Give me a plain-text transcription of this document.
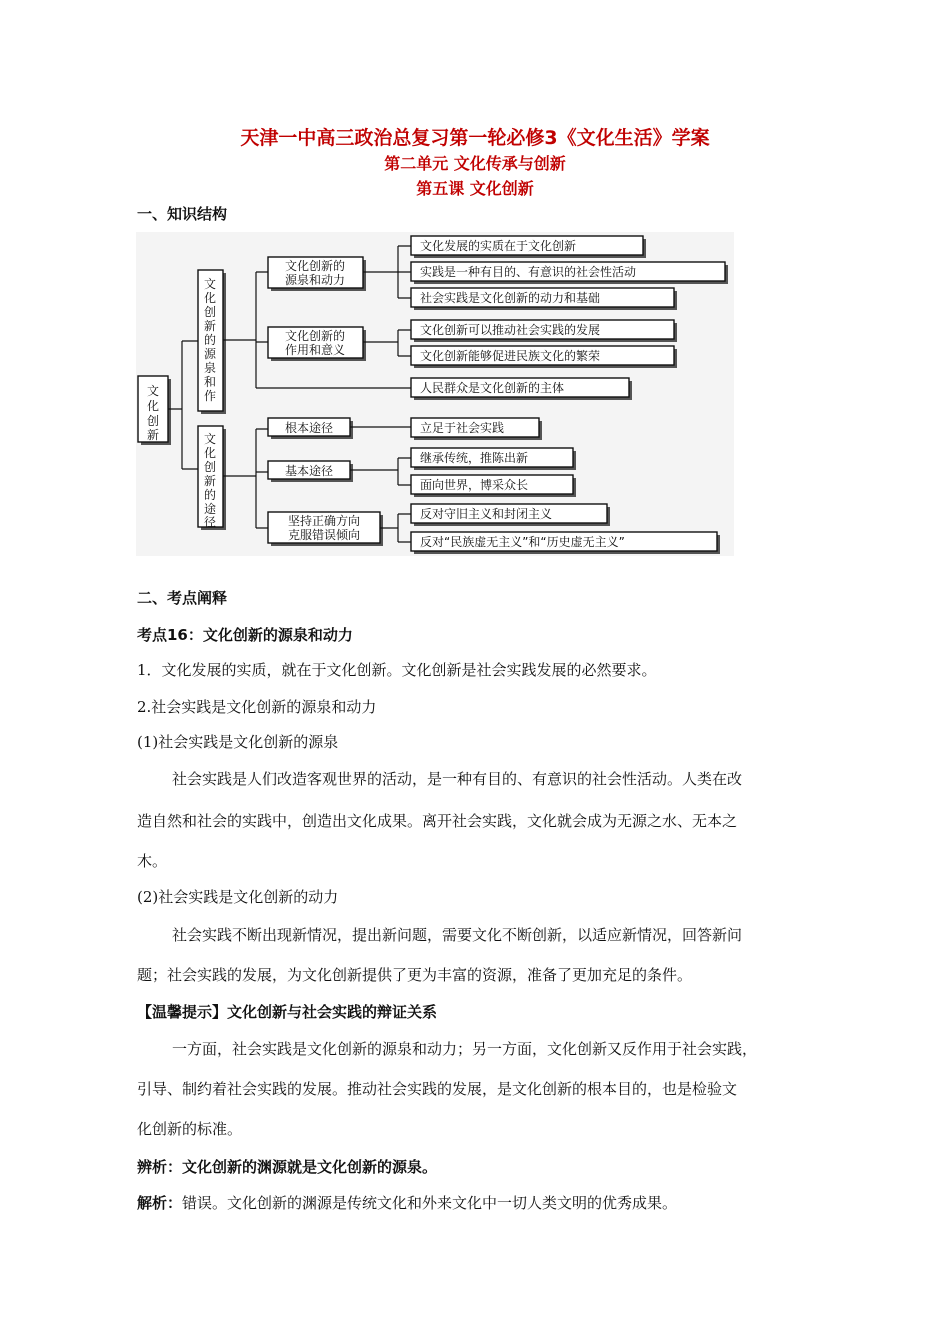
天津一中高三政治总复习第一轮必修3《文化生活》学案
第二单元 文化传承与创新
第五课 文化创新
一、知识结构
文
化
创
新
文
化
创
新
的
源
泉
和
作
文
化
创
新
的
途
径
文化创新的
源泉和动力
文化创新的
作用和意义
根本途径
基本途径
坚持正确方向
克服错误倾向
文化发展的实质在于文化创新
实践是一种有目的、有意识的社会性活动
社会实践是文化创新的动力和基础
文化创新可以推动社会实践的发展
文化创新能够促进民族文化的繁荣
人民群众是文化创新的主体
立足于社会实践
继承传统，推陈出新
面向世界，博采众长
反对守旧主义和封闭主义
反对“民族虚无主义”和“历史虚无主义”
二、考点阐释
考点16：文化创新的源泉和动力
1．文化发展的实质，就在于文化创新。文化创新是社会实践发展的必然要求。
2.社会实践是文化创新的源泉和动力
(1)社会实践是文化创新的源泉
社会实践是人们改造客观世界的活动，是一种有目的、有意识的社会性活动。人类在改
造自然和社会的实践中，创造出文化成果。离开社会实践，文化就会成为无源之水、无本之
木。
(2)社会实践是文化创新的动力
社会实践不断出现新情况，提出新问题，需要文化不断创新，以适应新情况，回答新问
题；社会实践的发展，为文化创新提供了更为丰富的资源，准备了更加充足的条件。
【温馨提示】文化创新与社会实践的辩证关系
一方面，社会实践是文化创新的源泉和动力；另一方面，文化创新又反作用于社会实践，
引导、制约着社会实践的发展。推动社会实践的发展，是文化创新的根本目的，也是检验文
化创新的标准。
辨析：文化创新的渊源就是文化创新的源泉。
解析：错误。文化创新的渊源是传统文化和外来文化中一切人类文明的优秀成果。
